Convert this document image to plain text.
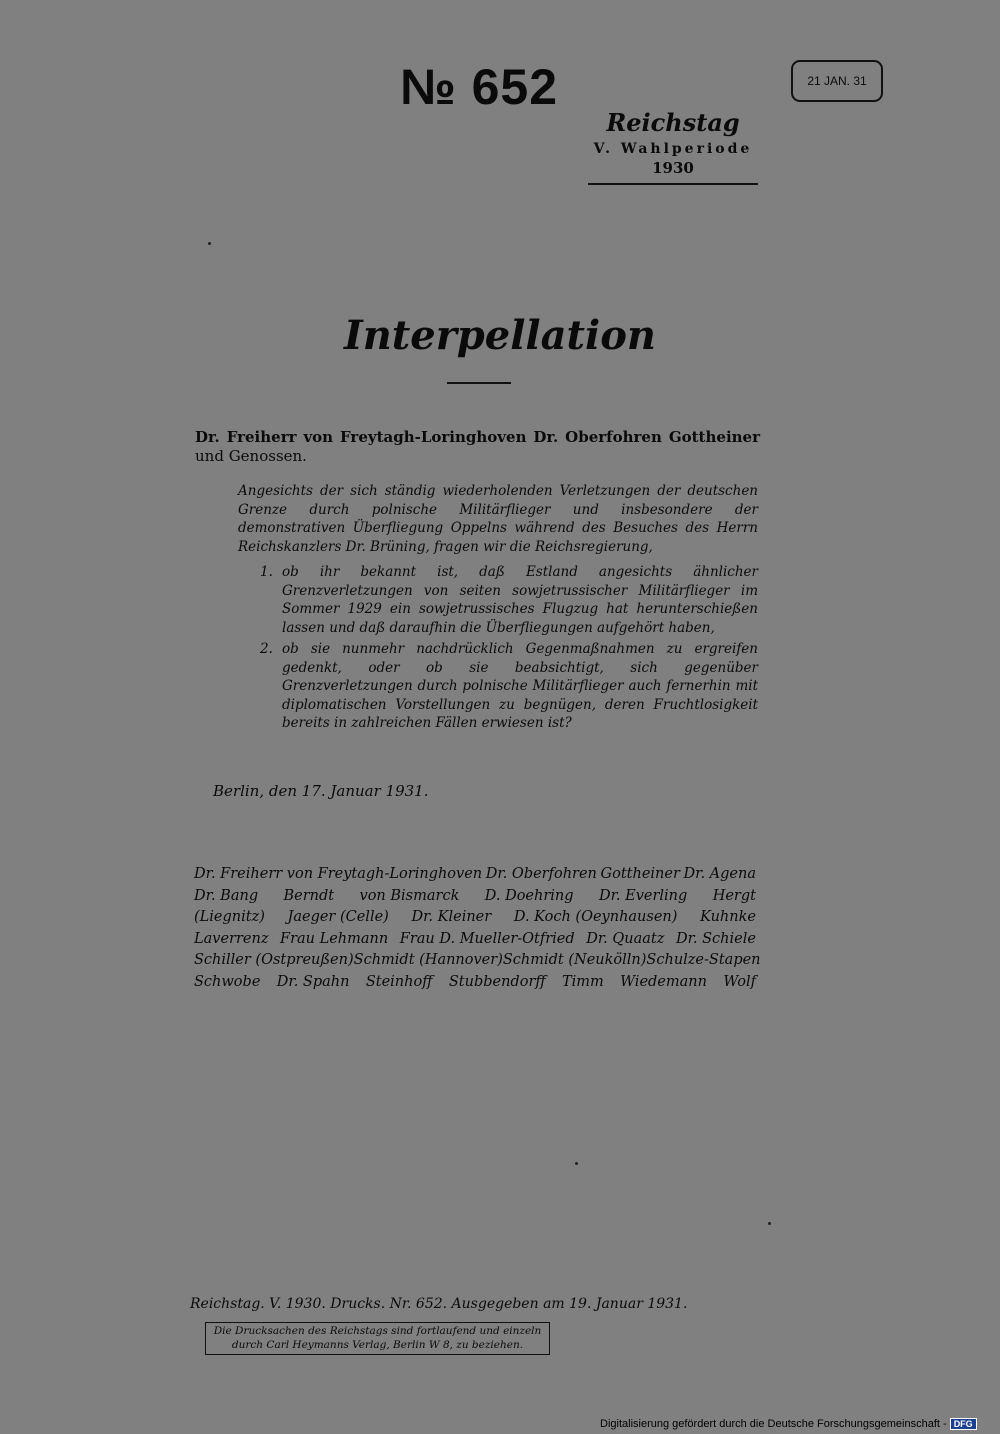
№ 652	21 JAN. 31
Reichstag
V. Wahlperiode
1930
Interpellation
Dr. Freiherr von Freytagh-Loringhoven Dr. Oberfohren Gottheiner und Genossen.
Angesichts der sich ständig wiederholenden Verletzungen der deutschen Grenze durch polnische Militärflieger und insbesondere der demonstrativen Überfliegung Oppelns während des Besuches des Herrn Reichskanzlers Dr. Brüning, fragen wir die Reichsregierung,
1. ob ihr bekannt ist, daß Estland angesichts ähnlicher Grenzverletzungen von seiten sowjetrussischer Militärflieger im Sommer 1929 ein sowjetrussisches Flugzug hat herunterschießen lassen und daß daraufhin die Überfliegungen aufgehört haben,
2. ob sie nunmehr nachdrücklich Gegenmaßnahmen zu ergreifen gedenkt, oder ob sie beabsichtigt, sich gegenüber Grenzverletzungen durch polnische Militärflieger auch fernerhin mit diplomatischen Vorstellungen zu begnügen, deren Fruchtlosigkeit bereits in zahlreichen Fällen erwiesen ist?
Berlin, den 17. Januar 1931.
Dr. Freiherr von Freytagh-Loringhoven Dr. Oberfohren Gottheiner Dr. Agena
Dr. Bang Berndt von Bismarck D. Doehring Dr. Everling Hergt
(Liegnitz) Jaeger (Celle) Dr. Kleiner D. Koch (Oeynhausen) Kuhnke
Laverrenz Frau Lehmann Frau D. Mueller-Otfried Dr. Quaatz Dr. Schiele
Schiller (Ostpreußen) Schmidt (Hannover) Schmidt (Neukölln) Schulze-Stapen
Schwobe Dr. Spahn Steinhoff Stubbendorff Timm Wiedemann Wolf
Reichstag. V. 1930. Drucks. Nr. 652. Ausgegeben am 19. Januar 1931.
Die Drucksachen des Reichstags sind fortlaufend und einzeln
durch Carl Heymanns Verlag, Berlin W 8, zu beziehen.
Digitalisierung gefördert durch die Deutsche Forschungsgemeinschaft - DFG
